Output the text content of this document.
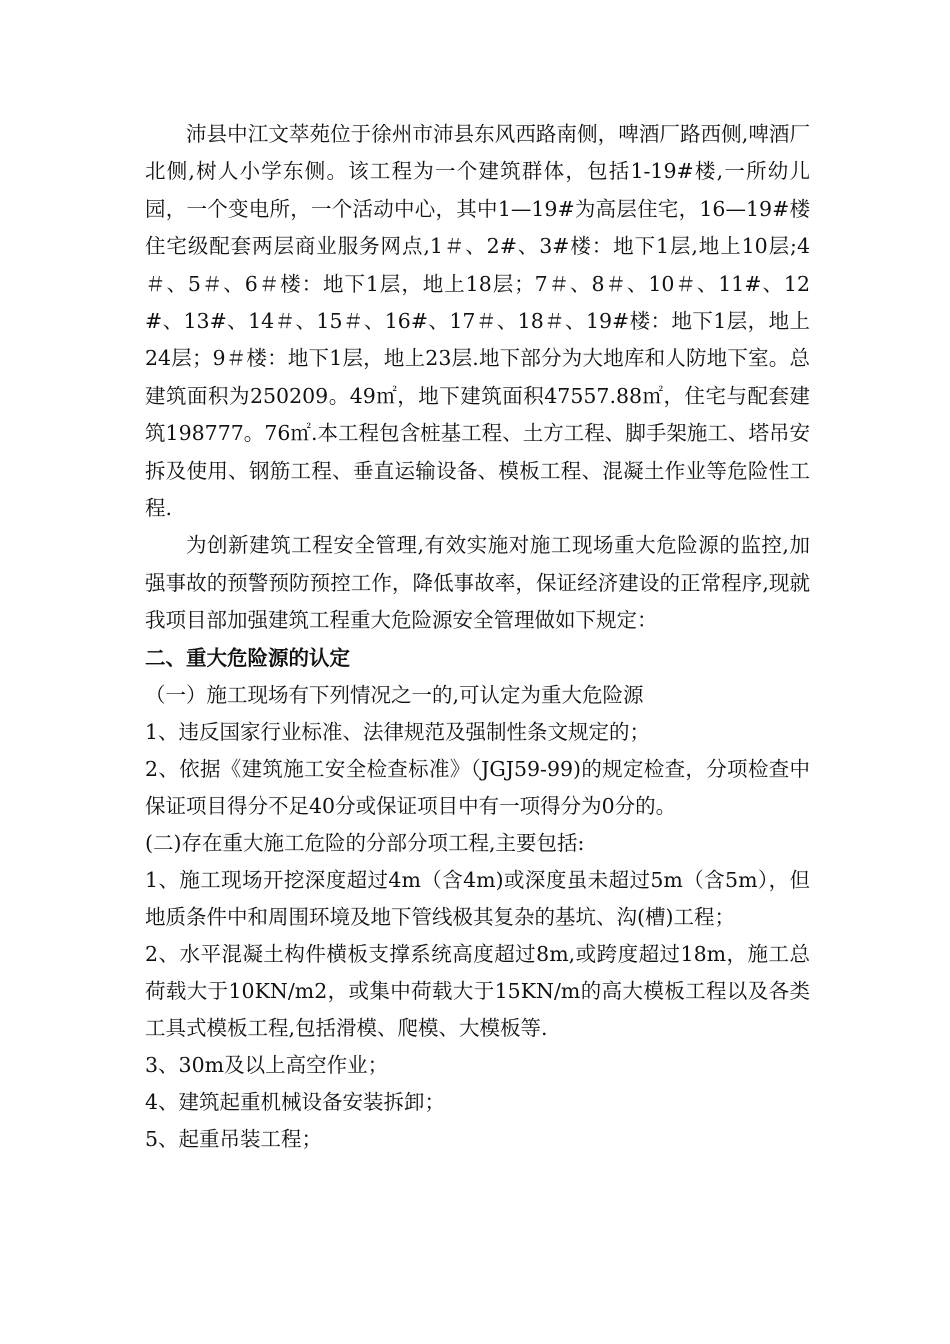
沛县中江文萃苑位于徐州市沛县东风西路南侧，啤酒厂路西侧,啤酒厂北侧,树人小学东侧。该工程为一个建筑群体，包括1-19#楼,一所幼儿园，一个变电所，一个活动中心，其中1—19#为高层住宅，16—19#楼住宅级配套两层商业服务网点,1＃、2#、3#楼：地下1层,地上10层;4＃、5＃、6＃楼：地下1层，地上18层；7＃、8＃、10＃、11#、12#、13#、14＃、15＃、16#、17＃、18＃、19#楼：地下1层，地上24层；9＃楼：地下1层，地上23层.地下部分为大地库和人防地下室。总建筑面积为250209。49㎡，地下建筑面积47557.88㎡，住宅与配套建筑198777。76㎡.本工程包含桩基工程、土方工程、脚手架施工、塔吊安拆及使用、钢筋工程、垂直运输设备、模板工程、混凝土作业等危险性工程.

为创新建筑工程安全管理,有效实施对施工现场重大危险源的监控,加强事故的预警预防预控工作，降低事故率，保证经济建设的正常程序,现就我项目部加强建筑工程重大危险源安全管理做如下规定：

二、重大危险源的认定

（一）施工现场有下列情况之一的,可认定为重大危险源

1、违反国家行业标准、法律规范及强制性条文规定的；

2、依据《建筑施工安全检查标准》（JGJ59-99)的规定检查，分项检查中保证项目得分不足40分或保证项目中有一项得分为0分的。

(二)存在重大施工危险的分部分项工程,主要包括:

1、施工现场开挖深度超过4m（含4m)或深度虽未超过5m（含5m），但地质条件中和周围环境及地下管线极其复杂的基坑、沟(槽)工程；

2、水平混凝土构件横板支撑系统高度超过8m,或跨度超过18m，施工总荷载大于10KN/m2，或集中荷载大于15KN/m的高大模板工程以及各类工具式模板工程,包括滑模、爬模、大模板等.

3、30m及以上高空作业；

4、建筑起重机械设备安装拆卸；

5、起重吊装工程；
